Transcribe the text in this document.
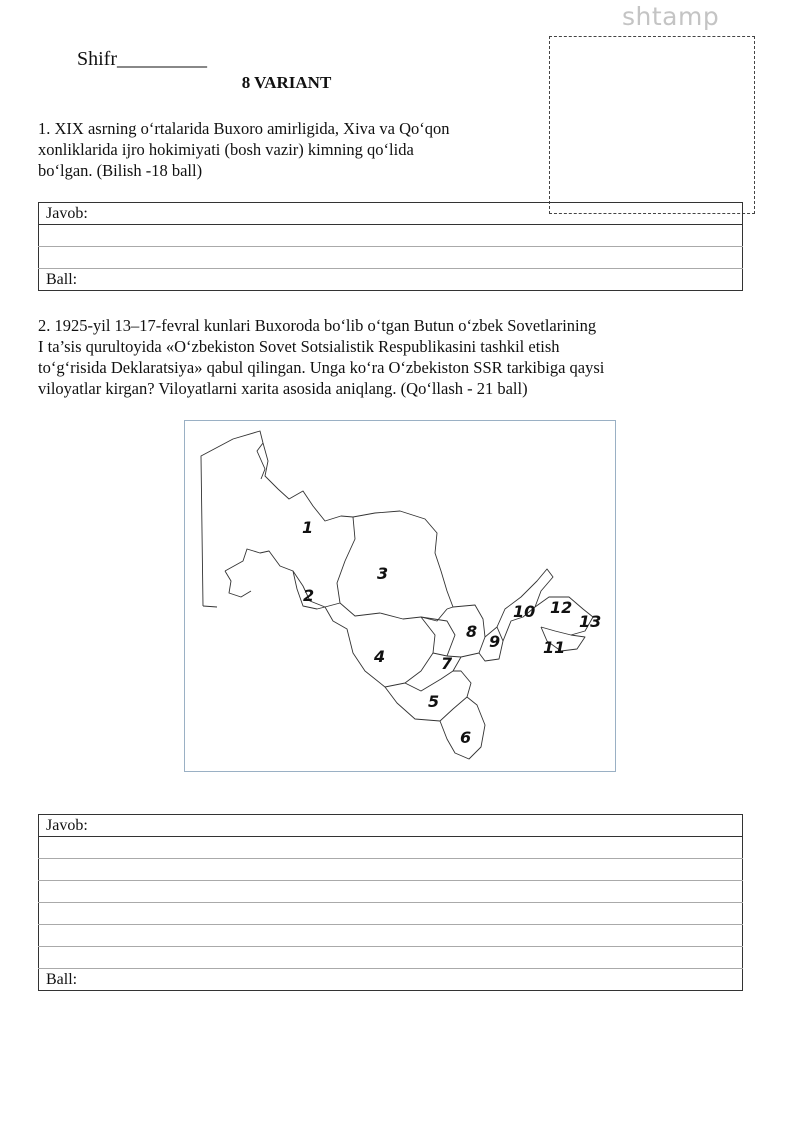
shtamp
Shifr_________
8 VARIANT

1. XIX asrning o‘rtalarida Buxoro amirligida, Xiva va Qo‘qon

xonliklarida ijro hokimiyati (bosh vazir) kimning qo‘lida

bo‘lgan. (Bilish -18 ball)

Javob:

Ball:

2. 1925-yil 13–17-fevral kunlari Buxoroda bo‘lib o‘tgan Butun o‘zbek Sovetlarining

I ta’sis qurultoyida «O‘zbekiston Sovet Sotsialistik Respublikasini tashkil etish

to‘g‘risida Deklaratsiya» qabul qilingan. Unga ko‘ra O‘zbekiston SSR tarkibiga qaysi

viloyatlar kirgan? Viloyatlarni xarita asosida aniqlang. (Qo‘llash - 21 ball)

1
2
3
4
5
6
7
8
9
10
11
12
13
Javob:

Ball:
